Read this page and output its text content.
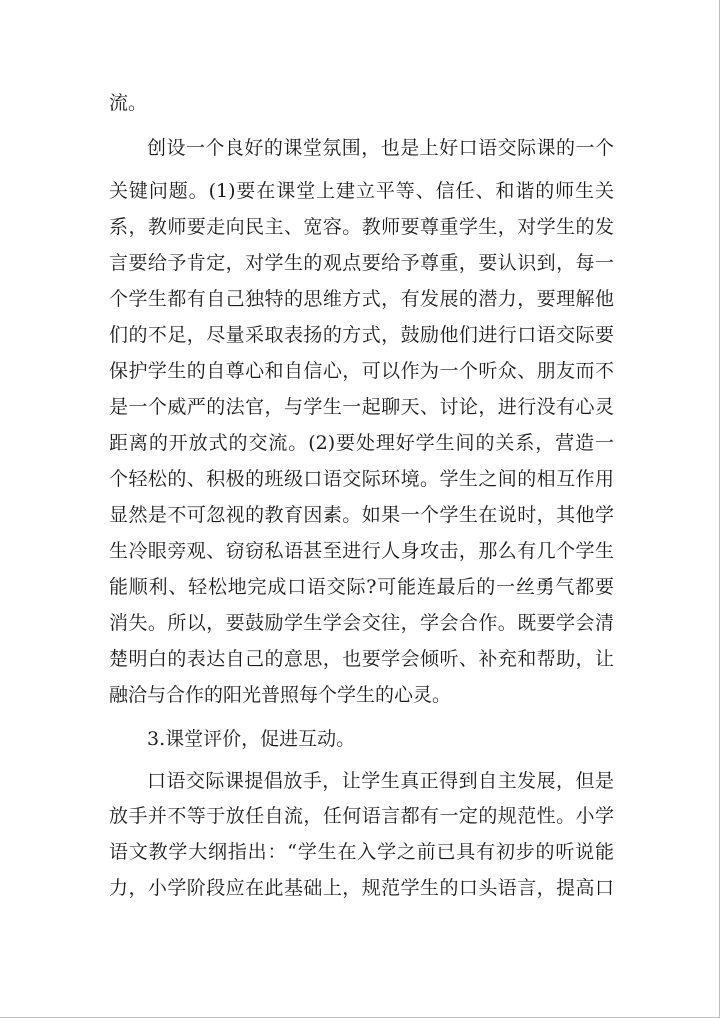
流。
创设一个良好的课堂氛围，也是上好口语交际课的一个
关键问题。(1)要在课堂上建立平等、信任、和谐的师生关
系，教师要走向民主、宽容。教师要尊重学生，对学生的发
言要给予肯定，对学生的观点要给予尊重，要认识到，每一
个学生都有自己独特的思维方式，有发展的潜力，要理解他
们的不足，尽量采取表扬的方式，鼓励他们进行口语交际要
保护学生的自尊心和自信心，可以作为一个听众、朋友而不
是一个威严的法官，与学生一起聊天、讨论，进行没有心灵
距离的开放式的交流。(2)要处理好学生间的关系，营造一
个轻松的、积极的班级口语交际环境。学生之间的相互作用
显然是不可忽视的教育因素。如果一个学生在说时，其他学
生冷眼旁观、窃窃私语甚至进行人身攻击，那么有几个学生
能顺利、轻松地完成口语交际?可能连最后的一丝勇气都要
消失。所以，要鼓励学生学会交往，学会合作。既要学会清
楚明白的表达自己的意思，也要学会倾听、补充和帮助，让
融洽与合作的阳光普照每个学生的心灵。
3.课堂评价，促进互动。
口语交际课提倡放手，让学生真正得到自主发展，但是
放手并不等于放任自流，任何语言都有一定的规范性。小学
语文教学大纲指出：“学生在入学之前已具有初步的听说能
力，小学阶段应在此基础上，规范学生的口头语言，提高口
